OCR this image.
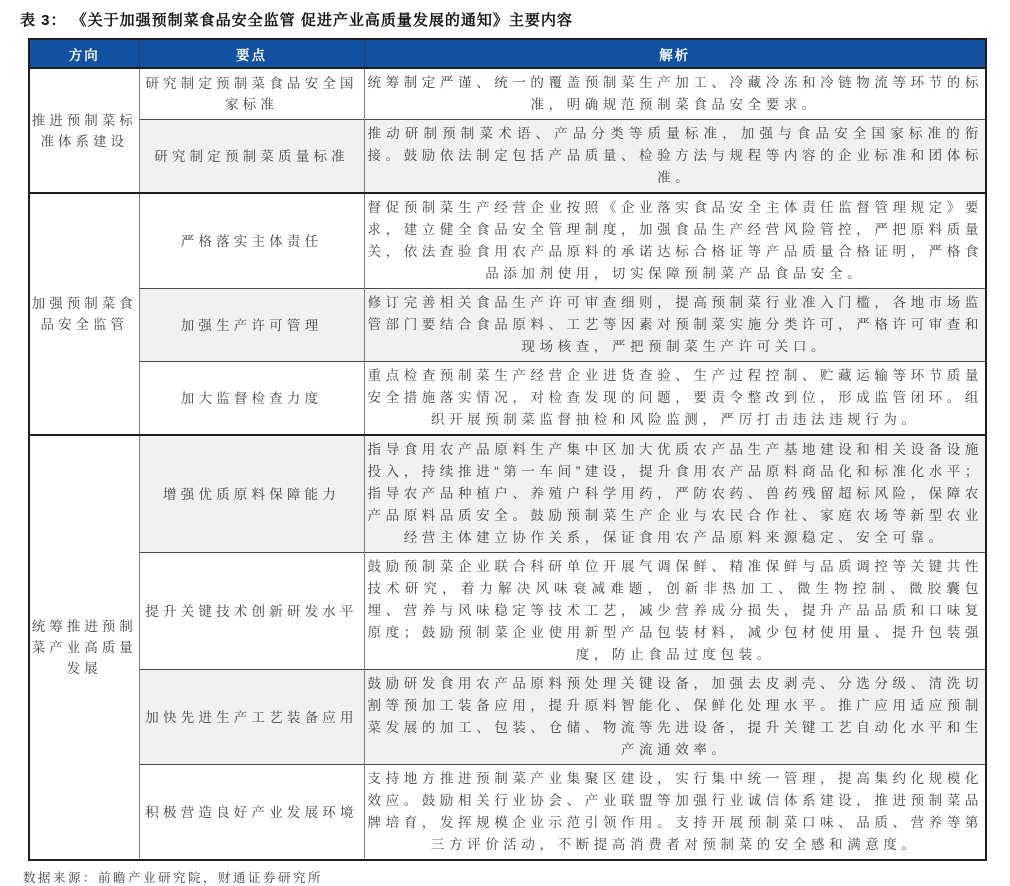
表 3： 《关于加强预制菜食品安全监管 促进产业高质量发展的通知》主要内容
方向	要点	解析
推进预制菜标准体系建设	研究制定预制菜食品安全国家标准	统筹制定严谨、统一的覆盖预制菜生产加工、冷藏冷冻和冷链物流等环节的标准，明确规范预制菜食品安全要求。
	研究制定预制菜质量标准	推动研制预制菜术语、产品分类等质量标准，加强与食品安全国家标准的衔接。鼓励依法制定包括产品质量、检验方法与规程等内容的企业标准和团体标准。
加强预制菜食品安全监管	严格落实主体责任	督促预制菜生产经营企业按照《企业落实食品安全主体责任监督管理规定》要求，建立健全食品安全管理制度，加强食品生产经营风险管控，严把原料质量关，依法查验食用农产品原料的承诺达标合格证等产品质量合格证明，严格食品添加剂使用，切实保障预制菜产品食品安全。
	加强生产许可管理	修订完善相关食品生产许可审查细则，提高预制菜行业准入门槛，各地市场监管部门要结合食品原料、工艺等因素对预制菜实施分类许可，严格许可审查和现场核查，严把预制菜生产许可关口。
	加大监督检查力度	重点检查预制菜生产经营企业进货查验、生产过程控制、贮藏运输等环节质量安全措施落实情况，对检查发现的问题，要责令整改到位，形成监管闭环。组织开展预制菜监督抽检和风险监测，严厉打击违法违规行为。
统筹推进预制菜产业高质量发展	增强优质原料保障能力	指导食用农产品原料生产集中区加大优质农产品生产基地建设和相关设备设施投入，持续推进“第一车间”建设，提升食用农产品原料商品化和标准化水平；指导农产品种植户、养殖户科学用药，严防农药、兽药残留超标风险，保障农产品原料品质安全。鼓励预制菜生产企业与农民合作社、家庭农场等新型农业经营主体建立协作关系，保证食用农产品原料来源稳定、安全可靠。
	提升关键技术创新研发水平	鼓励预制菜企业联合科研单位开展气调保鲜、精准保鲜与品质调控等关键共性技术研究，着力解决风味衰减难题，创新非热加工、微生物控制、微胶囊包埋、营养与风味稳定等技术工艺，减少营养成分损失，提升产品品质和口味复原度；鼓励预制菜企业使用新型产品包装材料，减少包材使用量、提升包装强度，防止食品过度包装。
	加快先进生产工艺装备应用	鼓励研发食用农产品原料预处理关键设备，加强去皮剥壳、分选分级、清洗切割等预加工装备应用，提升原料智能化、保鲜化处理水平。推广应用适应预制菜发展的加工、包装、仓储、物流等先进设备，提升关键工艺自动化水平和生产流通效率。
	积极营造良好产业发展环境	支持地方推进预制菜产业集聚区建设，实行集中统一管理，提高集约化规模化效应。鼓励相关行业协会、产业联盟等加强行业诚信体系建设，推进预制菜品牌培育，发挥规模企业示范引领作用。支持开展预制菜口味、品质、营养等第三方评价活动，不断提高消费者对预制菜的安全感和满意度。
数据来源：前瞻产业研究院，财通证券研究所
